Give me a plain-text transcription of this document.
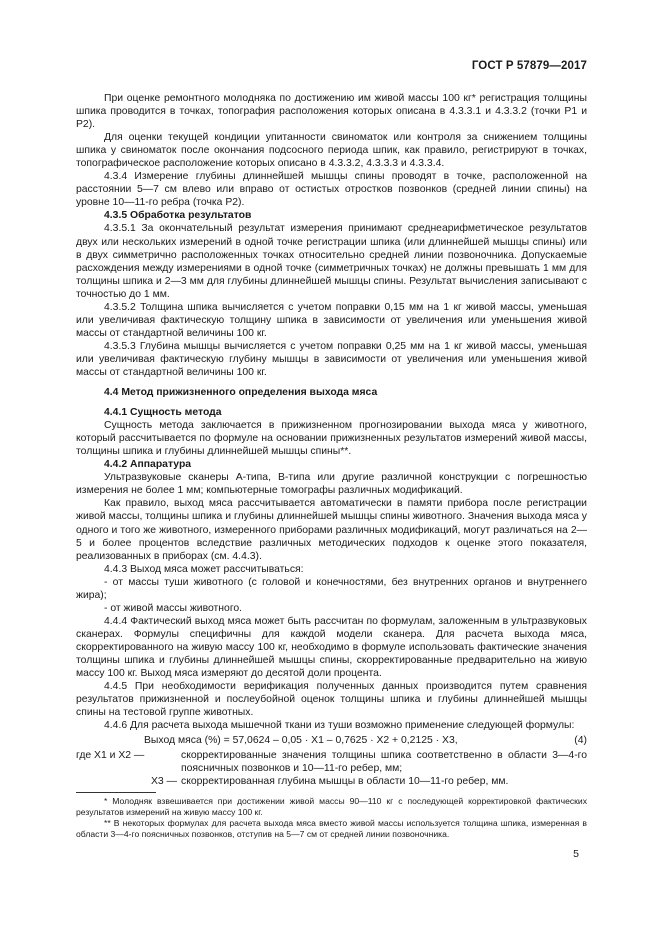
ГОСТ Р 57879—2017

При оценке ремонтного молодняка по достижению им живой массы 100 кг* регистрация толщины шпика проводится в точках, топография расположения которых описана в 4.3.3.1 и 4.3.3.2 (точки Р1 и Р2).

Для оценки текущей кондиции упитанности свиноматок или контроля за снижением толщины шпика у свиноматок после окончания подсосного периода шпик, как правило, регистрируют в точках, топографическое расположение которых описано в 4.3.3.2, 4.3.3.3 и 4.3.3.4.

4.3.4 Измерение глубины длиннейшей мышцы спины проводят в точке, расположенной на расстоянии 5—7 см влево или вправо от остистых отростков позвонков (средней линии спины) на уровне 10—11-го ребра (точка Р2).

4.3.5 Обработка результатов

4.3.5.1 За окончательный результат измерения принимают среднеарифметическое результатов двух или нескольких измерений в одной точке регистрации шпика (или длиннейшей мышцы спины) или в двух симметрично расположенных точках относительно средней линии позвоночника. Допускаемые расхождения между измерениями в одной точке (симметричных точках) не должны превышать 1 мм для толщины шпика и 2—3 мм для глубины длиннейшей мышцы спины. Результат вычисления записывают с точностью до 1 мм.

4.3.5.2 Толщина шпика вычисляется с учетом поправки 0,15 мм на 1 кг живой массы, уменьшая или увеличивая фактическую толщину шпика в зависимости от увеличения или уменьшения живой массы от стандартной величины 100 кг.

4.3.5.3 Глубина мышцы вычисляется с учетом поправки 0,25 мм на 1 кг живой массы, уменьшая или увеличивая фактическую глубину мышцы в зависимости от увеличения или уменьшения живой массы от стандартной величины 100 кг.

4.4 Метод прижизненного определения выхода мяса

4.4.1 Сущность метода

Сущность метода заключается в прижизненном прогнозировании выхода мяса у животного, который рассчитывается по формуле на основании прижизненных результатов измерений живой массы, толщины шпика и глубины длиннейшей мышцы спины**.

4.4.2 Аппаратура

Ультразвуковые сканеры А-типа, В-типа или другие различной конструкции с погрешностью измерения не более 1 мм; компьютерные томографы различных модификаций.

Как правило, выход мяса рассчитывается автоматически в памяти прибора после регистрации живой массы, толщины шпика и глубины длиннейшей мышцы спины животного. Значения выхода мяса у одного и того же животного, измеренного приборами различных модификаций, могут различаться на 2—5 и более процентов вследствие различных методических подходов к оценке этого показателя, реализованных в приборах (см. 4.4.3).

4.4.3 Выход мяса может рассчитываться:

- от массы туши животного (с головой и конечностями, без внутренних органов и внутреннего жира);

- от живой массы животного.

4.4.4 Фактический выход мяса может быть рассчитан по формулам, заложенным в ультразвуковых сканерах. Формулы специфичны для каждой модели сканера. Для расчета выхода мяса, скорректированного на живую массу 100 кг, необходимо в формуле использовать фактические значения толщины шпика и глубины длиннейшей мышцы спины, скорректированные предварительно на живую массу 100 кг. Выход мяса измеряют до десятой доли процента.

4.4.5 При необходимости верификация полученных данных производится путем сравнения результатов прижизненной и послеубойной оценок толщины шпика и глубины длиннейшей мышцы спины на тестовой группе животных.

4.4.6 Для расчета выхода мышечной ткани из туши возможно применение следующей формулы:

Выход мяса (%) = 57,0624 – 0,05 · X1 – 0,7625 · X2 + 0,2125 · X3,	(4)
где X1 и X2 —	скорректированные значения толщины шпика соответственно в области 3—4-го поясничных позвонков и 10—11-го ребер, мм;
X3 — скорректированная глубина мышцы в области 10—11-го ребер, мм.

* Молодняк взвешивается при достижении живой массы 90—110 кг с последующей корректировкой фактических результатов измерений на живую массу 100 кг.

** В некоторых формулах для расчета выхода мяса вместо живой массы используется толщина шпика, измеренная в области 3—4-го поясничных позвонков, отступив на 5—7 см от средней линии позвоночника.

5
